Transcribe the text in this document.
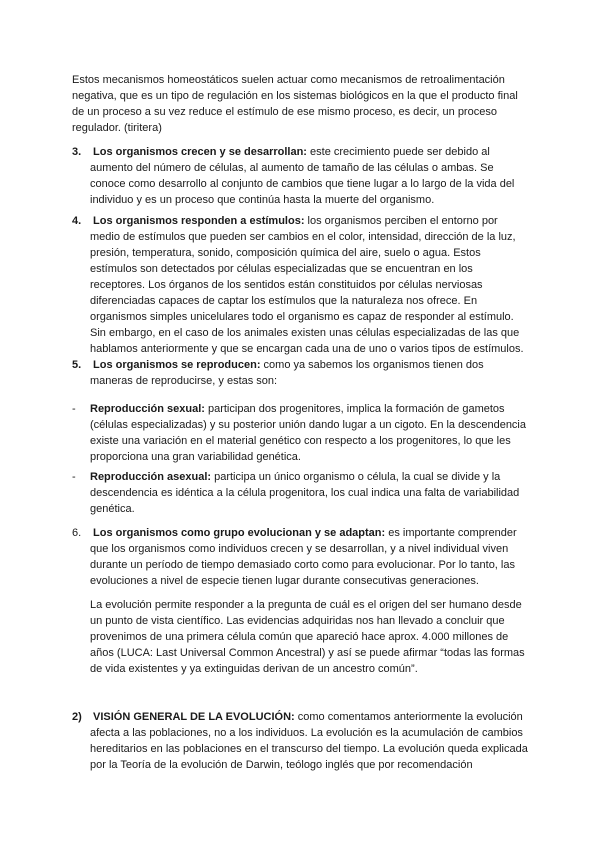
Estos mecanismos homeostáticos suelen actuar como mecanismos de retroalimentación negativa, que es un tipo de regulación en los sistemas biológicos en la que el producto final de un proceso a su vez reduce el estímulo de ese mismo proceso, es decir, un proceso regulador. (tiritera)

3. Los organismos crecen y se desarrollan: este crecimiento puede ser debido al aumento del número de células, al aumento de tamaño de las células o ambas. Se conoce como desarrollo al conjunto de cambios que tiene lugar a lo largo de la vida del individuo y es un proceso que continúa hasta la muerte del organismo.

4. Los organismos responden a estímulos: los organismos perciben el entorno por medio de estímulos que pueden ser cambios en el color, intensidad, dirección de la luz, presión, temperatura, sonido, composición química del aire, suelo o agua. Estos estímulos son detectados por células especializadas que se encuentran en los receptores. Los órganos de los sentidos están constituidos por células nerviosas diferenciadas capaces de captar los estímulos que la naturaleza nos ofrece. En organismos simples unicelulares todo el organismo es capaz de responder al estímulo. Sin embargo, en el caso de los animales existen unas células especializadas de las que hablamos anteriormente y que se encargan cada una de uno o varios tipos de estímulos.

5. Los organismos se reproducen: como ya sabemos los organismos tienen dos maneras de reproducirse, y estas son:

- Reproducción sexual: participan dos progenitores, implica la formación de gametos (células especializadas) y su posterior unión dando lugar a un cigoto. En la descendencia existe una variación en el material genético con respecto a los progenitores, lo que les proporciona una gran variabilidad genética.

- Reproducción asexual: participa un único organismo o célula, la cual se divide y la descendencia es idéntica a la célula progenitora, los cual indica una falta de variabilidad genética.

6. Los organismos como grupo evolucionan y se adaptan: es importante comprender que los organismos como individuos crecen y se desarrollan, y a nivel individual viven durante un período de tiempo demasiado corto como para evolucionar. Por lo tanto, las evoluciones a nivel de especie tienen lugar durante consecutivas generaciones.

La evolución permite responder a la pregunta de cuál es el origen del ser humano desde un punto de vista científico. Las evidencias adquiridas nos han llevado a concluir que provenimos de una primera célula común que apareció hace aprox. 4.000 millones de años (LUCA: Last Universal Common Ancestral) y así se puede afirmar “todas las formas de vida existentes y ya extinguidas derivan de un ancestro común”.

2) VISIÓN GENERAL DE LA EVOLUCIÓN: como comentamos anteriormente la evolución afecta a las poblaciones, no a los individuos. La evolución es la acumulación de cambios hereditarios en las poblaciones en el transcurso del tiempo. La evolución queda explicada por la Teoría de la evolución de Darwin, teólogo inglés que por recomendación
